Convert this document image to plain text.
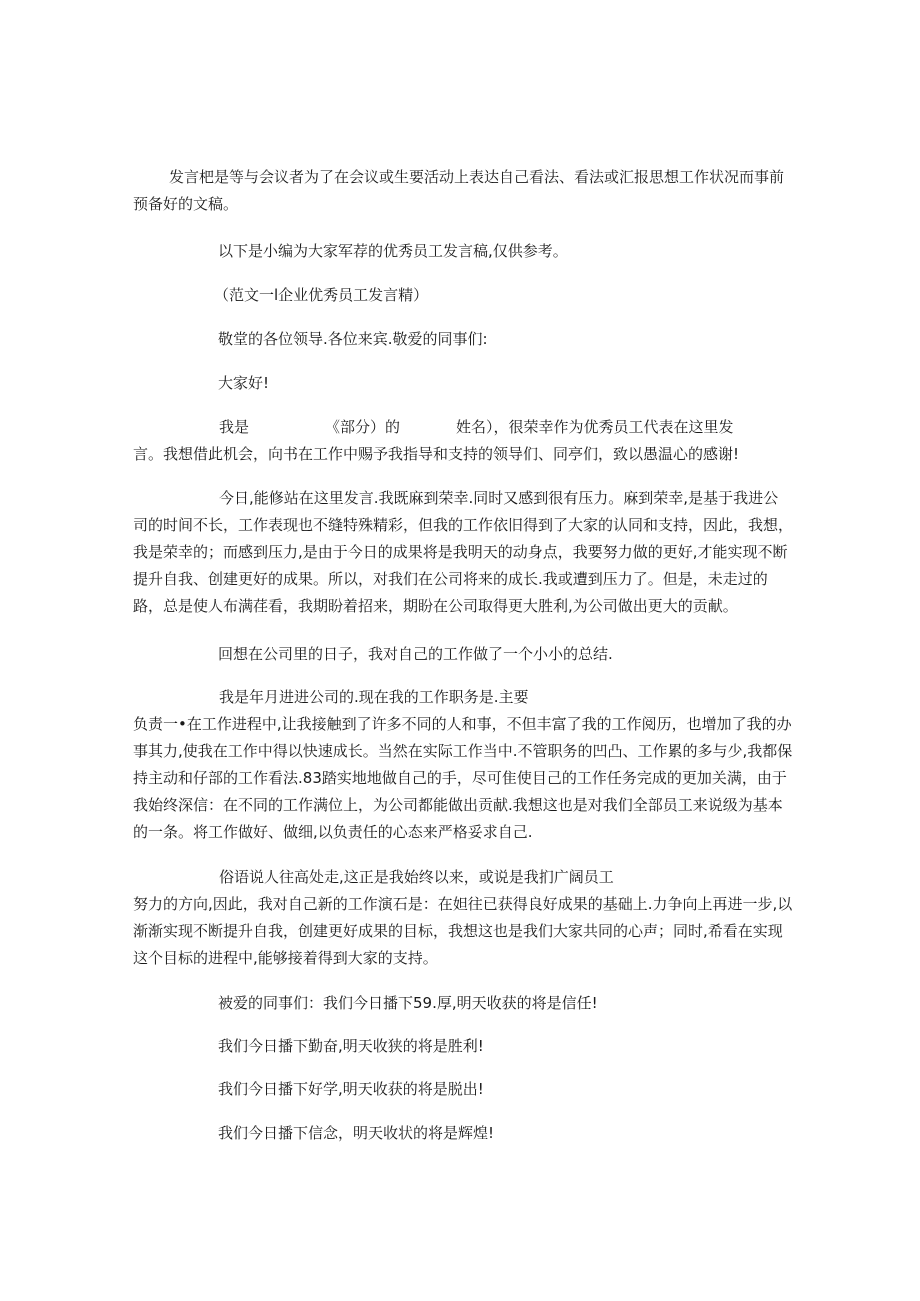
发言杷是等与会议者为了在会议或生要活动上表达自己看法、看法或汇报思想工作状况而事前预备好的文稿。

以下是小编为大家军荐的优秀员工发言稿,仅供参考。

（范文一l企业优秀员工发言精）

敬堂的各位领导.各位来宾.敬爱的同事们:

大家好!

我是	《部分）的	姓名），很荣幸作为优秀员工代表在这里发
言。我想借此机会，向书在工作中赐予我指导和支持的领导们、同亭们，致以愚温心的感谢!

今日,能修站在这里发言.我既麻到荣幸.同时又感到很有压力。麻到荣幸,是基于我进公司的时间不长，工作表现也不缝特殊精彩，但我的工作依旧得到了大家的认同和支持，因此，我想，我是荣幸的；而感到压力,是由于今日的成果将是我明天的动身点，我要努力做的更好,才能实现不断提升自我、创建更好的成果。所以，对我们在公司将来的成长.我或遭到压力了。但是，未走过的路，总是使人布满荏看，我期盼着招来，期盼在公司取得更大胜利,为公司做出更大的贡献。

回想在公司里的日子，我对自己的工作做了一个小小的总结.

我是年月进进公司的.现在我的工作职务是.主要
负责一•在工作进程中,让我接触到了许多不同的人和事，不但丰富了我的工作阅历，也增加了我的办事其力,使我在工作中得以快速成长。当然在实际工作当中.不管职务的凹凸、工作累的多与少,我都保持主动和仔部的工作看法.83踏实地地做自己的手，尽可隹使目己的工作任务完成的更加关满，由于我始终深信：在不同的工作满位上，为公司都能做出贡献.我想这也是对我们全部员工来说级为基本的一条。将工作做好、做细,以负责任的心态来严格妥求自己.
俗语说人往高处走,这正是我始终以来，或说是我扪广阔员工
努力的方向,因此，我对自己新的工作演石是：在妲往已获得良好成果的基础上.力争向上再进一步,以渐渐实现不断提升自我，创建更好成果的目标，我想这也是我们大家共同的心声；同时,希看在实现这个目标的进程中,能够接着得到大家的支持。

被爱的同事们：我们今日播下59.厚,明天收获的将是信任!

我们今日播下勤奋,明天收狭的将是胜利!

我们今日播下好学,明天收获的将是脱出!

我们今日播下信念，明天收状的将是辉煌!
